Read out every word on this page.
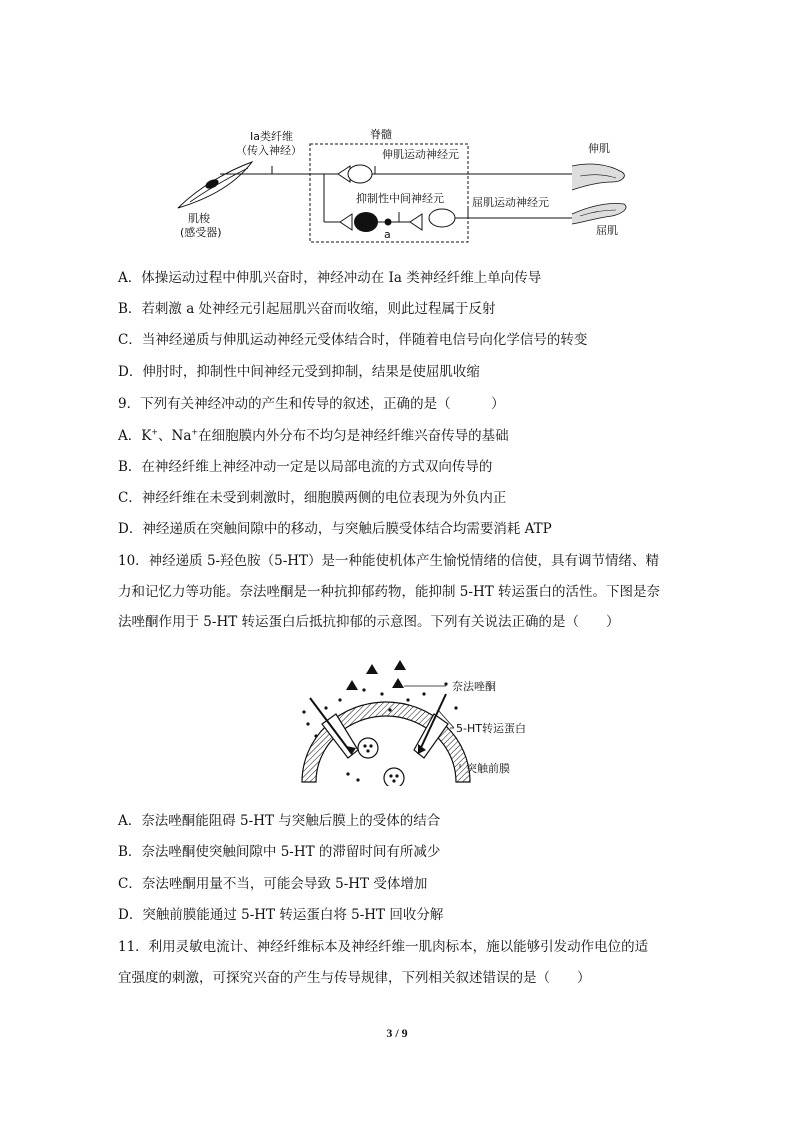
Ia类纤维
（传入神经）
脊髓
伸肌运动神经元
抑制性中间神经元	屈肌运动神经元
a
肌梭
(感受器)
伸肌
屈肌
A．体操运动过程中伸肌兴奋时，神经冲动在 Ia 类神经纤维上单向传导
B．若刺激 a 处神经元引起屈肌兴奋而收缩，则此过程属于反射
C．当神经递质与伸肌运动神经元受体结合时，伴随着电信号向化学信号的转变
D．伸肘时，抑制性中间神经元受到抑制，结果是使屈肌收缩
9．下列有关神经冲动的产生和传导的叙述，正确的是（　　　）
A．K+、Na+在细胞膜内外分布不均匀是神经纤维兴奋传导的基础
B．在神经纤维上神经冲动一定是以局部电流的方式双向传导的
C．神经纤维在未受到刺激时，细胞膜两侧的电位表现为外负内正
D．神经递质在突触间隙中的移动，与突触后膜受体结合均需要消耗 ATP
10．神经递质 5-羟色胺（5-HT）是一种能使机体产生愉悦情绪的信使，具有调节情绪、精
力和记忆力等功能。奈法唑酮是一种抗抑郁药物，能抑制 5-HT 转运蛋白的活性。下图是奈
法唑酮作用于 5-HT 转运蛋白后抵抗抑郁的示意图。下列有关说法正确的是（　　）
奈法唑酮
5-HT转运蛋白
突触前膜
A．奈法唑酮能阻碍 5-HT 与突触后膜上的受体的结合
B．奈法唑酮使突触间隙中 5-HT 的滞留时间有所减少
C．奈法唑酮用量不当，可能会导致 5-HT 受体增加
D．突触前膜能通过 5-HT 转运蛋白将 5-HT 回收分解
11．利用灵敏电流计、神经纤维标本及神经纤维一肌肉标本，施以能够引发动作电位的适
宜强度的刺激，可探究兴奋的产生与传导规律，下列相关叙述错误的是（　　）
3 / 9
